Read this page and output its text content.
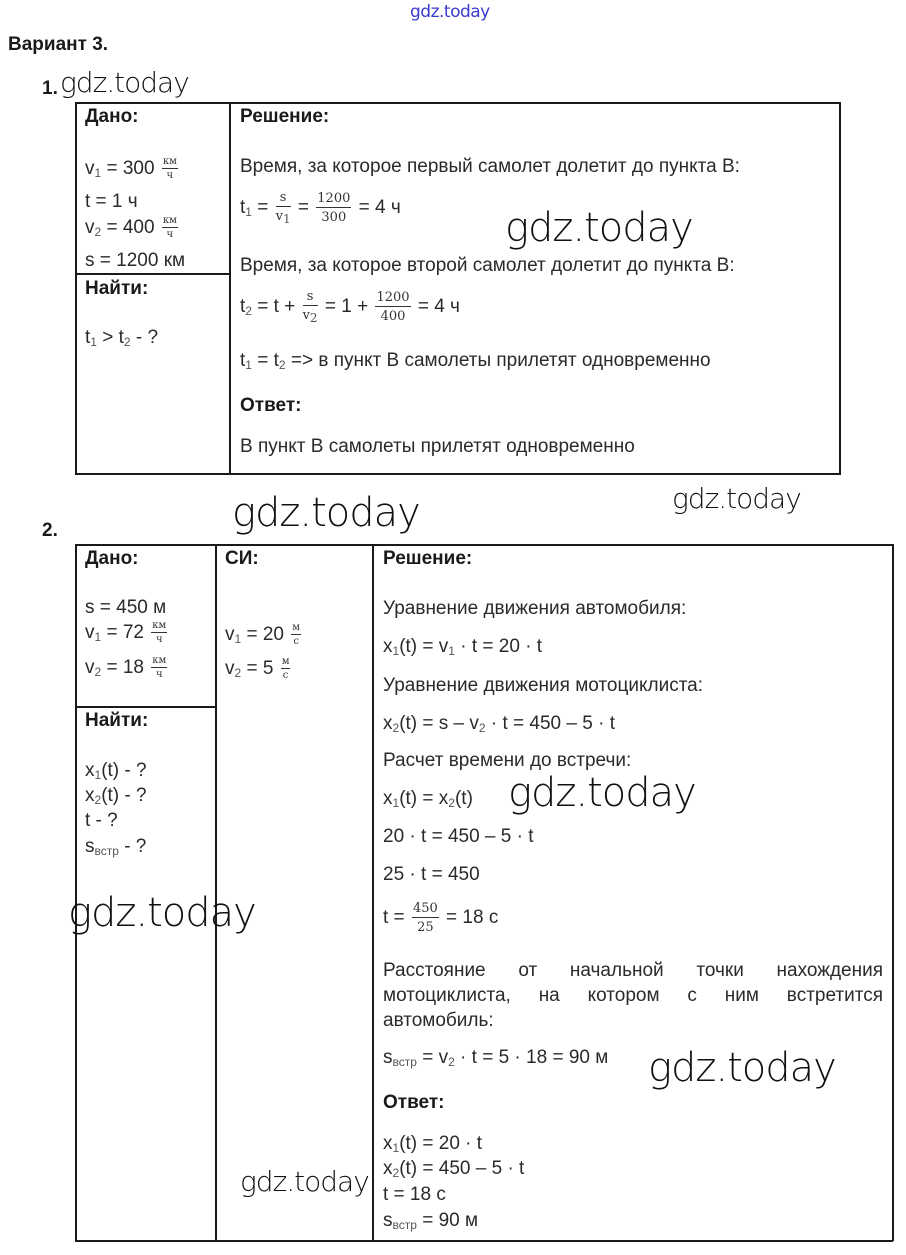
gdz.today
Вариант 3.
1. gdz.today
Дано:
$v_1 = 300 \frac{км}{ч}$
t = 1 ч
$v_2 = 400 \frac{км}{ч}$
s = 1200 км
Найти:
$t_1 > t_2$ - ?
Решение:
Время, за которое первый самолет долетит до пункта В:
$t_1 = \frac{s}{v_1} = \frac{1200}{300} = 4$ ч	gdz.today
Время, за которое второй самолет долетит до пункта В:
$t_2 = t + \frac{s}{v_2} = 1 + \frac{1200}{400} = 4$ ч
$t_1 = t_2 => в$ пункт В самолеты прилетят одновременно
Ответ:
В пункт В самолеты прилетят одновременно
gdz.today
gdz.today
2.
Дано:
s = 450 м
$v_1 = 72 \frac{км}{ч}$
$v_2 = 18 \frac{км}{ч}$
СИ:
$v_1 = 20 \frac{м}{с}$
$v_2 = 5 \frac{м}{с}$
Найти:
$x_1(t)$ - ?
$x_2(t)$ - ?
t - ?
$s_{встр}$ - ?
gdz.today
Решение:
Уравнение движения автомобиля:
$x_1(t) = v_1 \cdot t = 20 \cdot t$
Уравнение движения мотоциклиста:
$x_2(t) = s - v_2 \cdot t = 450 - 5 \cdot t$
Расчет времени до встречи:
$x_1(t) = x_2(t)$ gdz.today
20 · t = 450 – 5 · t
25 · t = 450
$t = \frac{450}{25} = 18$ с
Расстояние от начальной точки нахождения мотоциклиста, на котором с ним встретится автомобиль:
$s_{встр} = v_2 \cdot t = 5 \cdot 18 = 90$ м gdz.today
Ответ:
$x_1(t) = 20 \cdot t$
$x_2(t) = 450 - 5 \cdot t$
t = 18 с
$s_{встр} = 90$ м
gdz.today
